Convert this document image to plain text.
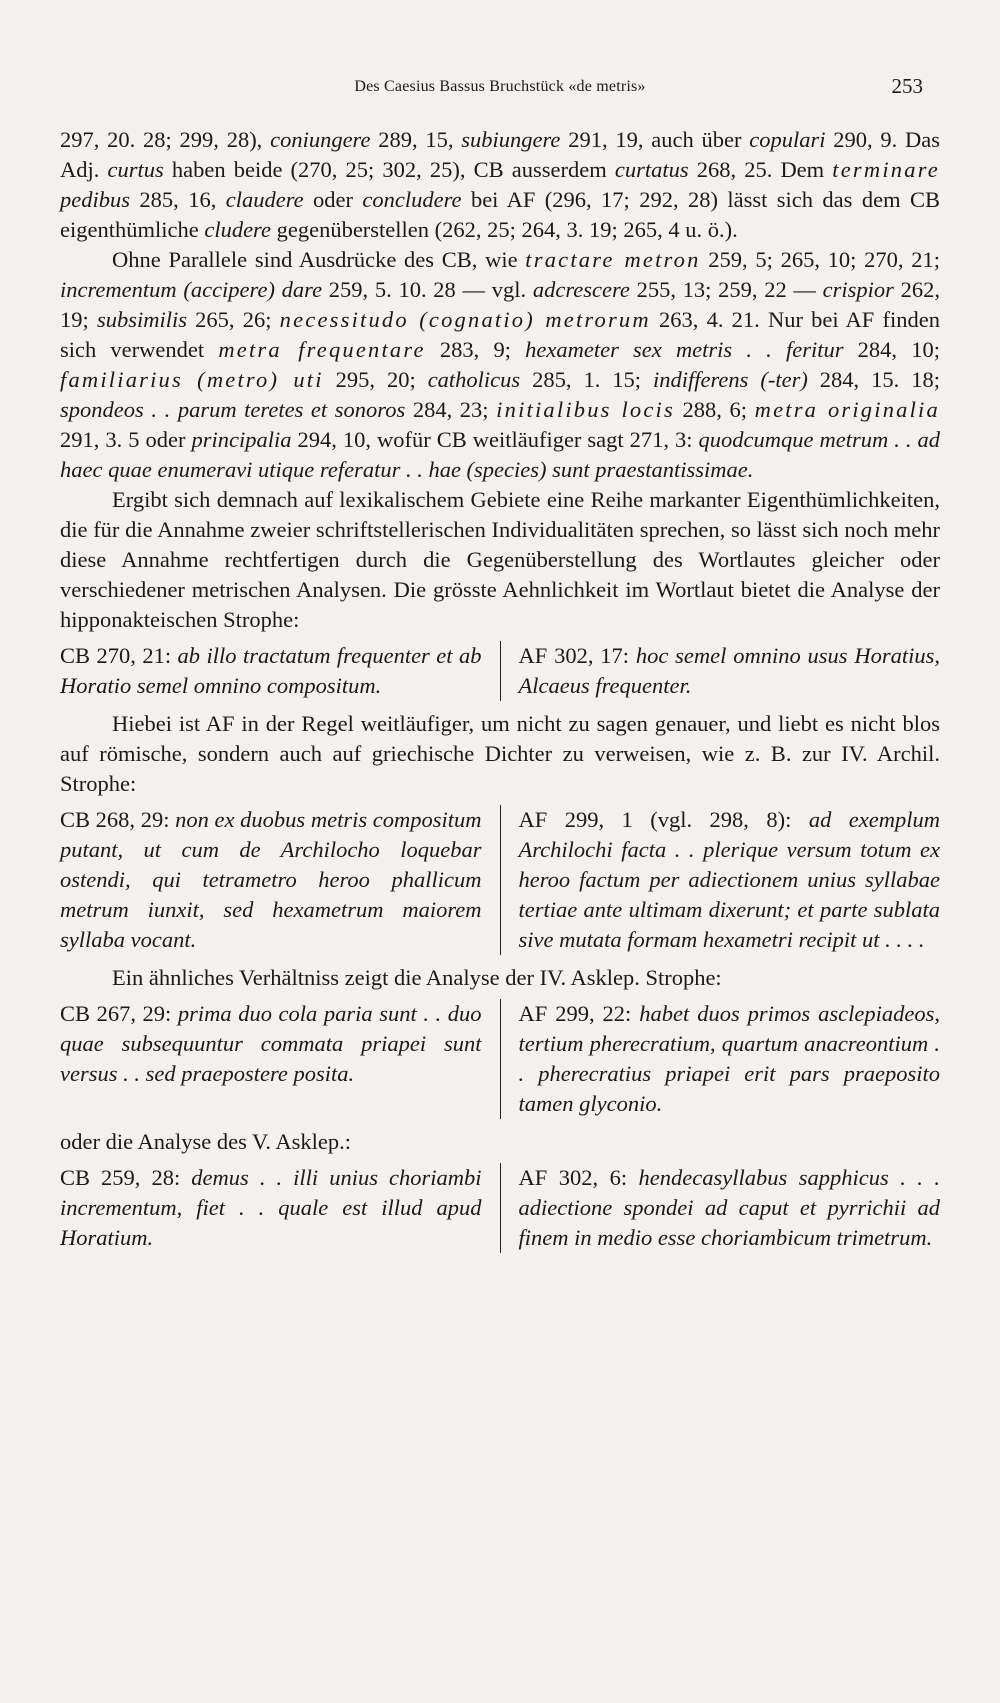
Des Caesius Bassus Bruchstück «de metris»	253

297, 20. 28; 299, 28), coniungere 289, 15, subiungere 291, 19, auch über copulari 290, 9. Das Adj. curtus haben beide (270, 25; 302, 25), CB ausserdem curtatus 268, 25. Dem terminare pedibus 285, 16, claudere oder concludere bei AF (296, 17; 292, 28) lässt sich das dem CB eigenthümliche cludere gegenüberstellen (262, 25; 264, 3. 19; 265, 4 u. ö.).

Ohne Parallele sind Ausdrücke des CB, wie tractare metron 259, 5; 265, 10; 270, 21; incrementum (accipere) dare 259, 5. 10. 28 — vgl. adcrescere 255, 13; 259, 22 — crispior 262, 19; subsimilis 265, 26; necessitudo (cognatio) metrorum 263, 4. 21. Nur bei AF finden sich verwendet metra frequentare 283, 9; hexameter sex metris . . feritur 284, 10; familiarius (metro) uti 295, 20; catholicus 285, 1. 15; indifferens (-ter) 284, 15. 18; spondeos . . parum teretes et sonoros 284, 23; initialibus locis 288, 6; metra originalia 291, 3. 5 oder principalia 294, 10, wofür CB weitläufiger sagt 271, 3: quodcumque metrum . . ad haec quae enumeravi utique referatur . . hae (species) sunt praestantissimae.

Ergibt sich demnach auf lexikalischem Gebiete eine Reihe markanter Eigenthümlichkeiten, die für die Annahme zweier schriftstellerischen Individualitäten sprechen, so lässt sich noch mehr diese Annahme rechtfertigen durch die Gegenüberstellung des Wortlautes gleicher oder verschiedener metrischen Analysen. Die grösste Aehnlichkeit im Wortlaut bietet die Analyse der hipponakteischen Strophe:

CB 270, 21: ab illo tractatum frequenter et ab Horatio semel omnino compositum.
AF 302, 17: hoc semel omnino usus Horatius, Alcaeus frequenter.

Hiebei ist AF in der Regel weitläufiger, um nicht zu sagen genauer, und liebt es nicht blos auf römische, sondern auch auf griechische Dichter zu verweisen, wie z. B. zur IV. Archil. Strophe:

CB 268, 29: non ex duobus metris compositum putant, ut cum de Archilocho loquebar ostendi, qui tetrametro heroo phallicum metrum iunxit, sed hexametrum maiorem syllaba vocant.
AF 299, 1 (vgl. 298, 8): ad exemplum Archilochi facta . . plerique versum totum ex heroo factum per adiectionem unius syllabae tertiae ante ultimam dixerunt; et parte sublata sive mutata formam hexametri recipit ut . . . .

Ein ähnliches Verhältniss zeigt die Analyse der IV. Asklep. Strophe:

CB 267, 29: prima duo cola paria sunt . . duo quae subsequuntur commata priapei sunt versus . . sed praepostere posita.
AF 299, 22: habet duos primos asclepiadeos, tertium pherecratium, quartum anacreontium . . pherecratius priapei erit pars praeposito tamen glyconio.

oder die Analyse des V. Asklep.:

CB 259, 28: demus . . illi unius choriambi incrementum, fiet . . quale est illud apud Horatium.
AF 302, 6: hendecasyllabus sapphicus . . . adiectione spondei ad caput et pyrrichii ad finem in medio esse choriambicum trimetrum.
